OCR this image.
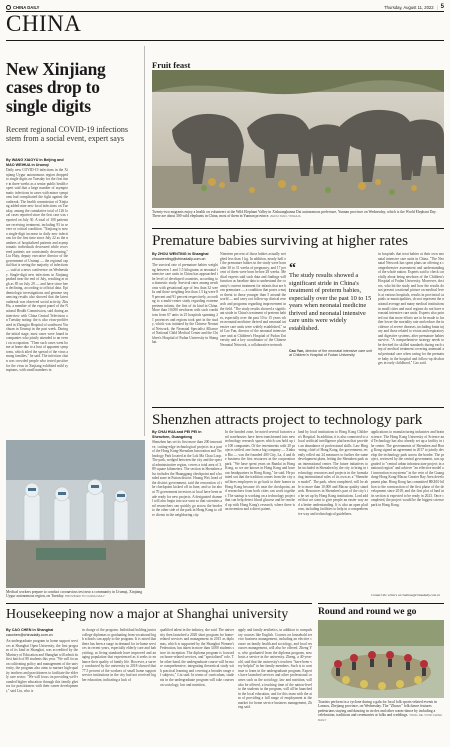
CHINA DAILY	Thursday, August 11, 2022 | 5
CHINA
New Xinjiang cases drop to single digits
Recent regional COVID-19 infections stem from a social event, expert says
By WANG XIAOYU in Beijing and MAO WEIHUA in Urumqi
Daily new COVID-19 infections in the Xinjiang Uygur autonomous region dropped to single digits on Tuesday for the first time in three weeks as a senior public health expert said that a large number of asymptomatic infections in cases with minor symptoms had complicated the fight against the outbreak. The health commission of Xinjiang added nine new local infections on Tuesday, among the cumulative total of 126 local cases reported since the first case was reported on July 30. A total of 100 patients are receiving treatment, including 93 in severe or critical condition. "Xinjiang is now a single-digit increase in daily new infections for the first time since July 22 as the numbers of hospitalized patients and asymptomatic individuals decreased while recovered patients are consistently decreasing," Liu Huiy, deputy executive director of the government of Urumqi — the regional capital that is seeing the majority of infections — said at a news conference on Wednesday. Single-digit new infections in Xinjiang peaked near the end of July, resulting at nigh as 85 on July 29 — and have since been declining, according to official data. Epidemiologic investigations and genome sequencing results also showed that the latest outbreak was observed social activity, Zhu Hu, a member of the expert panel of the National Health Commission, said during an interview with China Central Television on Tuesday noting: the is also virus-proliferated in Zhongjia Hospital of southwest Yinchuan in Urumqi in the past week. During the initial stage, most cases were found in companies who jointly attended to an event on occupation. "Then such cases went home at home due to a host of apparent symptoms, which ailed the spread of the virus among families," he said. The infection chain was crowded people who tested positive for the virus in Xinjiang exhibited mild symptoms, with small numbers in
Fruit feast
Twenty-two migrants enjoy a health on volunteers at the Wild Elephant Valley in Xishuangbanna Dai autonomous prefecture, Yunnan province on Wednesday, which is the World Elephant Day. There are about 300 wild elephants in China, most of them in Yunnan province. ZHOU XIAO / XINHUA
Premature babies surviving at higher rates
By ZHOU WENTING in Shanghai
zhouwenting@chinadaily.com.cn
The survival rate of premature babies weighing between 1 and 1.5 kilograms at neonatal intensive care units in China has approached the level of developed countries, according to a domestic study. Survival rates among newborns with gestational age of less than 32 weeks and those weighing less than 1.5 kg were 89 percent and 91 percent respectively, according to a multi-center study regarding extreme preterm infants, the first of its kind in China. More than 10,000 newborns with such conditions from 67 units in 25 hospitals spanning 21 provinces and regions took part in the study, which was initiated by the Chinese Neonatal Network, the Neonatal Specialist Alliance of National Child Medical Center and the Children's Hospital of Fudan University in Shanghai.
Nineteen percent of those babies actually weighed less than 1 kg. In addition, nearly half of the premature babies in the study were born after 30 to 31 weeks of pregnancy, and 17 percent of them were born before 28 weeks. Medical experts said such data and findings will function as baseline data to understand the country's current treatment for infants that are born premature — a condition that poses a major threat to those younger than 5 around the world — and carry out follow-up clinical research and programs regarding improvement in the field. "The study results showed a significant stride in China's treatment of preterm babies, especially over the past 10 to 15 years when neonatal medicine thrived and neonatal intensive care units were widely established," said Cao Yun, director of the neonatal intensive care unit at Children's Hospital of Fudan University and a key coordinator of the Chinese Neonatal Network, a collaborative network
“
The study results showed a significant stride in China's treatment of preterm babies, especially over the past 10 to 15 years when neonatal medicine thrived and neonatal intensive care units were widely established.
Cao Yun, director of the neonatal intensive care unit at Children's Hospital of Fudan University
in hospitals that treat babies at their own neonatal intensive care units in China. "The Neonatal Network has spent plans on offering a comprehensive assessment and understanding of the whole nation. Experts said to check carefully about being newborn of the Children's Hospital of Fudan University. Moreover, doctors, who hit the study and how the results do not present a national picture on medical levels at various hospitals, results in provincial capitals or municipalities, do not represent the national average and many medical institutions in small cities and rural regions do not have neonatal intensive care units. Experts also pointed out that more efforts are to be made to further lower the mortality rate and reduce the incidence of severe diseases, including brain injury and those related to vision and respiratory and digestive systems, after premature babies survive. "A comprehensive strategy needs to be devised for skilled standards during each step of medical treatment covering antenatal and perinatal care when caring for the premature baby in the hospital and follow-up discharges in early childhood," Cao said.
Shenzhen attracts project to technology park
Medical workers prepare to conduct coronavirus test near a community in Urumqi, Xinjiang Uygur autonomous region, on Tuesday. PROVIDED TO CHINA DAILY
By CHAI HUA and PEI PEI in Shenzhen, Guangdong
Shenzhen has set its first more than 200 innovative, cutting-edge technological projects in a part of the Hong Kong-Shenzhen Innovation and Technology Park located at the Lok Ma Chau Loop. The park, wedged between the city and the special administrative region, covers a total area of 3.89 square kilometers. The section in Shenzhen also includes the Huanggang checkpoint and a bonded zone in Futian district. Huang Wei, head of the district government, said the renovation of the checkpoint kicked off in June, and so far about 70 government investors at local have been made ready for new projects. A designated channel will also begin into use soon so that scientists and researchers can quickly go across the border to the other side of the park in Hong Kong to offer clients in the neighboring city.
In the bonded zone, he noted several factories and warehouses have been transformed into new technology research spaces which can hold up to 100 companies. Of the investments with 20 projects settled, one from a big company — Xinhua Bio — was the founded 400 City, La, 4 and the business the first resources in the cooperation park. "We have spent years on Bandai in Hong Kong, so we are known in Hong Kong and have our headquarters in Hong Kong," he said. He pointed out that the tradition comes from the city and hires employees to go back to their homes in Hong Kong because it's near the checkpoint, and researchers from both cities can work together. The startup is working on a technology project that can help detect blood glucose and be reached up with Hong Kong's research, where there is an invention and a direct patent.
land by local institutions to Hong Kong Children's Hospital. In addition, it is also connected to a local artificial intelligence platform that provides an abundance of professional skills. Law Hing-ming, chief of Hong Kong, the government, recently rolled out 24 measures to further the same development plans, letting the Shenzhen park as an international center. The future initiatives to be included in Shenzhen by the city to bring in technology resources and projects in the formulating international rules of its own as a "Shenzhen model". The park, when completed, will be able to more than 10,000 and Macao quality standards. Resources in Shenzhen's part of the city's to be set up by Hong Kong institutions. Lord added that we want to give people an easier way and a better understanding. It is also an open platform, including facilities to help in a comprehensive way and technological guidelines.
applications to manufacturing industries and brain science. The Hong Kong University of Science and Technology has also already set up a facility in the center. The governments of Shenzhen and Hong Kong signed an agreement in 2017 to jointly develop the technology park across the border. The project, reviewed by the central government, was upgraded to "central urban infrastructure project in a national region" and achieve "an effective model of innovation ecosystems" in the vein of the Guangdong-Hong Kong-Macao Greater Bay Area development plan. Hong Kong has committed HK$10 billion to the construction of the first phase of the development since 2018, and the first plot of land in its section is expected to be ready in 2023. Once completed, the project would be the biggest science park in Hong Kong.
Contact the writers at chaihua@chinadaily.com.cn
Round and round we go
Tourists perform in a cyclone during a gala for local folk sports-related events in Lanzou, Zhejiang province, on Wednesday. The "Zhuwo" folk dance features pedestrians staying and dancing in circles and other warm-dance by including a celebration, traditions and ceremonies at folks and weddings. TONG JIE / FOR CHINA DAILY
Housekeeping now a major at Shanghai university
By CAO CHEN in Shanghai
caochen@chinadaily.com.cn
An undergraduate program in home support services at Shanghai Open University, the first program of its kind in Shanghai, was accredited by the Ministry of Education and Shanghai will admit its first batch of 80 students this year. "We will focus on cultivating policy and management of the university, the program also aims to nurture high-quality teachers and practitioners to facilitate the elderly care sector. "We will focus on providing well-rounded higher education through this family ghettos for practitioners with their career development," said Liu, who is
in charge of the program. Individual holding junior college diplomas or graduating from vocational high schools can apply to the program. It is noted that there has been a surge in demand for in-home services in recent years, especially elderly care and babysitting, as living standards have improved and an aging population that experienced as it seeks to enhance their quality of family life. However, a survey conducted by the university in 2018 showed that 77.5 percent of the workers of small home support service institutions in the city had not received higher education, indicating a lack of
qualified talent in the industry, she said. The university then launched a 2020 short program for home-related services and management in 2015 as diplomas, which is supported by the Shanghai Women's Federation, has taken in more than 3,000 students since its inception. The diploma program is focused on home-related services, and "specialized" role. The other hand, the undergraduate course will be more comprehensive, integrating theoretical study with practical learning and covering a broader range of subjects," Liu said. In terms of curriculum, students in the undergraduate program will take courses on sociology, law and nutrition,
apply and family aesthetics, in addition to compulsory courses like English. Courses on household service business management, including an elective course on family health and sociology, and local resources management, will also be offered. Zheng Yu, who graduated from the diploma program, now hosts a service in the university. Zheng, a 40-year-old, said that the university's teachers "have been very helpful" in her family members. Such is to continue to learn in the undergraduate program. Experts have launched services and other professional courses such as the sociology, law and nutrition, will also be offered, a teaching time of the nation-level to the students in the program, will all be launched in the local education, and for this team with the aim of providing a full range of employment at the market for home service business management, Zheng said.
